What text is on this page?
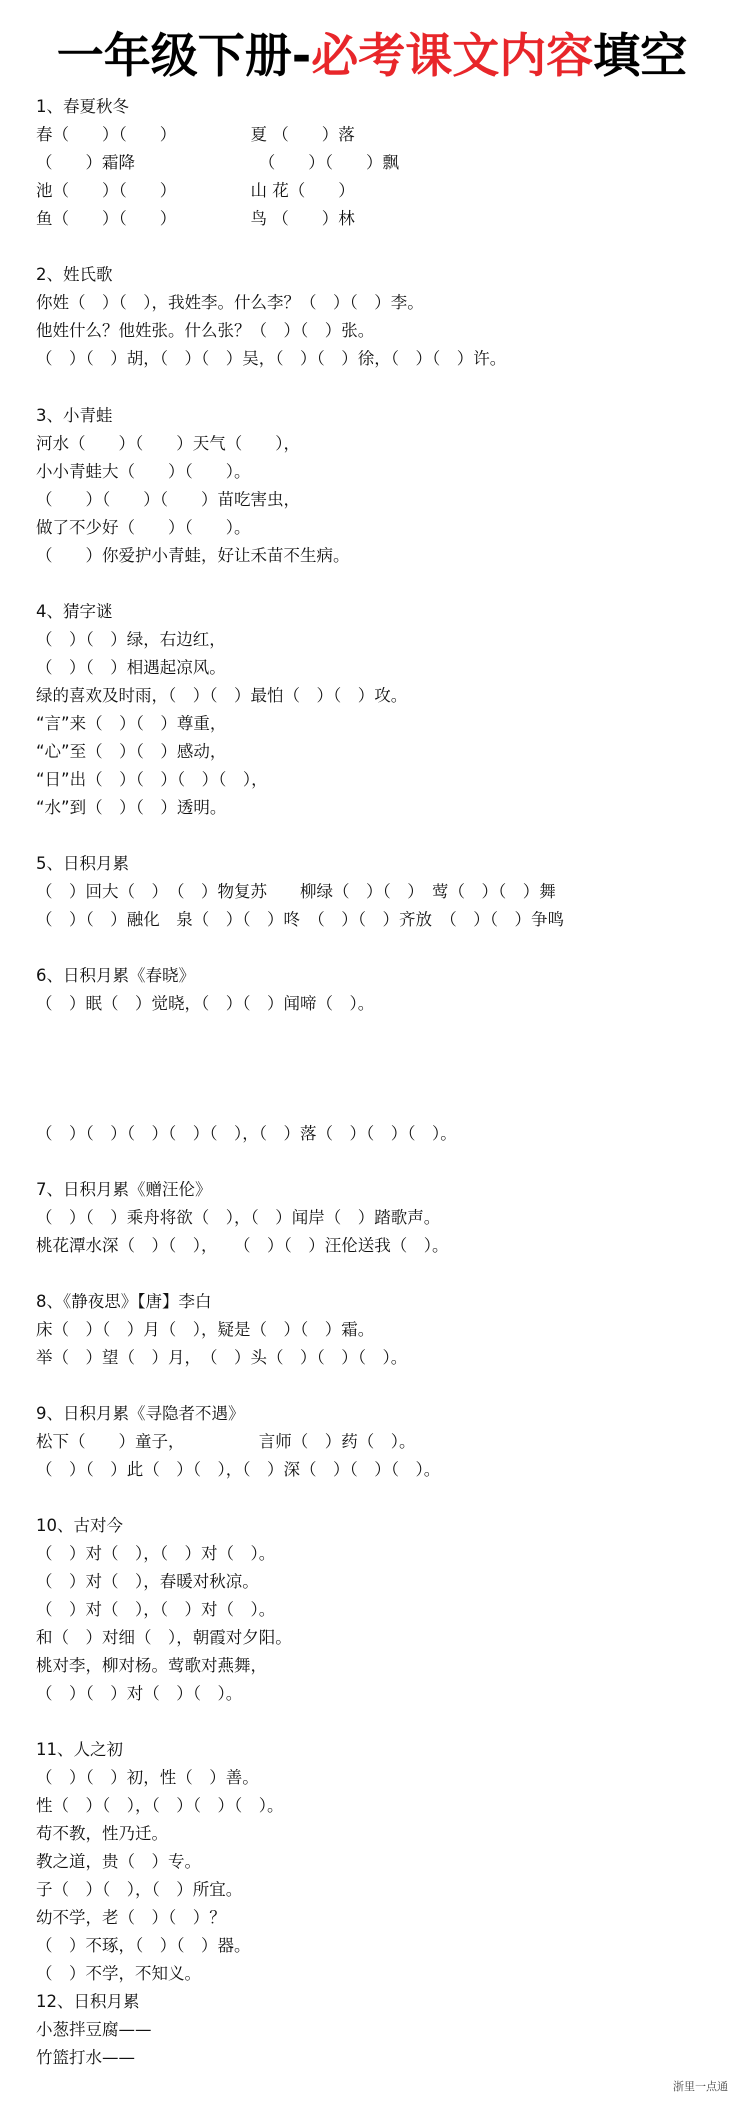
一年级下册-必考课文内容填空
1、春夏秋冬
春（　　）（　　）　　　　　夏 （　　）落
（　　）霜降　　　　　　　　（　　）（　　）飘
池（　　）（　　）　　　　　山 花（　　）
鱼（　　）（　　）　　　　　鸟 （　　）林
2、姓氏歌
你姓（　）（　），我姓李。什么李？（　）（　）李。
他姓什么？他姓张。什么张？（　）（　）张。
（　）（　）胡，（　）（　）吴，（　）（　）徐，（　）（　）许。
3、小青蛙
河水（　　）（　　）天气（　　），
小小青蛙大（　　）（　　）。
（　　）（　　）（　　）苗吃害虫，
做了不少好（　　）（　　）。
（　　）你爱护小青蛙，好让禾苗不生病。
4、猜字谜
（　）（　）绿，右边红，
（　）（　）相遇起凉风。
绿的喜欢及时雨，（　）（　）最怕（　）（　）攻。
“言”来（　）（　）尊重，
“心”至（　）（　）感动，
“日”出（　）（　）（　）（　），
“水”到（　）（　）透明。
5、日积月累
（　）回大（　）　（　）物复苏　　柳绿（　）（　）　莺（　）（　）舞
（　）（　）融化　泉（　）（　）咚　（　）（　）齐放　（　）（　）争鸣
6、日积月累《春晓》
（　）眠（　）觉晓，（　）（　）闻啼（　）。
（　）（　）（　）（　）（　），（　）落（　）（　）（　）。
7、日积月累《赠汪伦》
（　）（　）乘舟将欲（　），（　）闻岸（　）踏歌声。
桃花潭水深（　）（　），　　（　）（　）汪伦送我（　）。
8、《静夜思》【唐】李白
床（　）（　）月（　），疑是（　）（　）霜。
举（　）望（　）月，　（　）头（　）（　）（　）。
9、日积月累《寻隐者不遇》
松下（　　）童子，　　　　　言师（　）药（　）。
（　）（　）此（　）（　），（　）深（　）（　）（　）。
10、古对今
（　）对（　），（　）对（　）。
（　）对（　），春暖对秋凉。
（　）对（　），（　）对（　）。
和（　）对细（　），朝霞对夕阳。
桃对李，柳对杨。莺歌对燕舞，
（　）（　）对（　）（　）。
11、人之初
（　）（　）初，性（　）善。
性（　）（　），（　）（　）（　）。
苟不教，性乃迁。
教之道，贵（　）专。
子（　）（　），（　）所宜。
幼不学，老（　）（　）？
（　）不琢，（　）（　）器。
（　）不学，不知义。
12、日积月累
小葱拌豆腐——
竹篮打水——
浙里一点通
